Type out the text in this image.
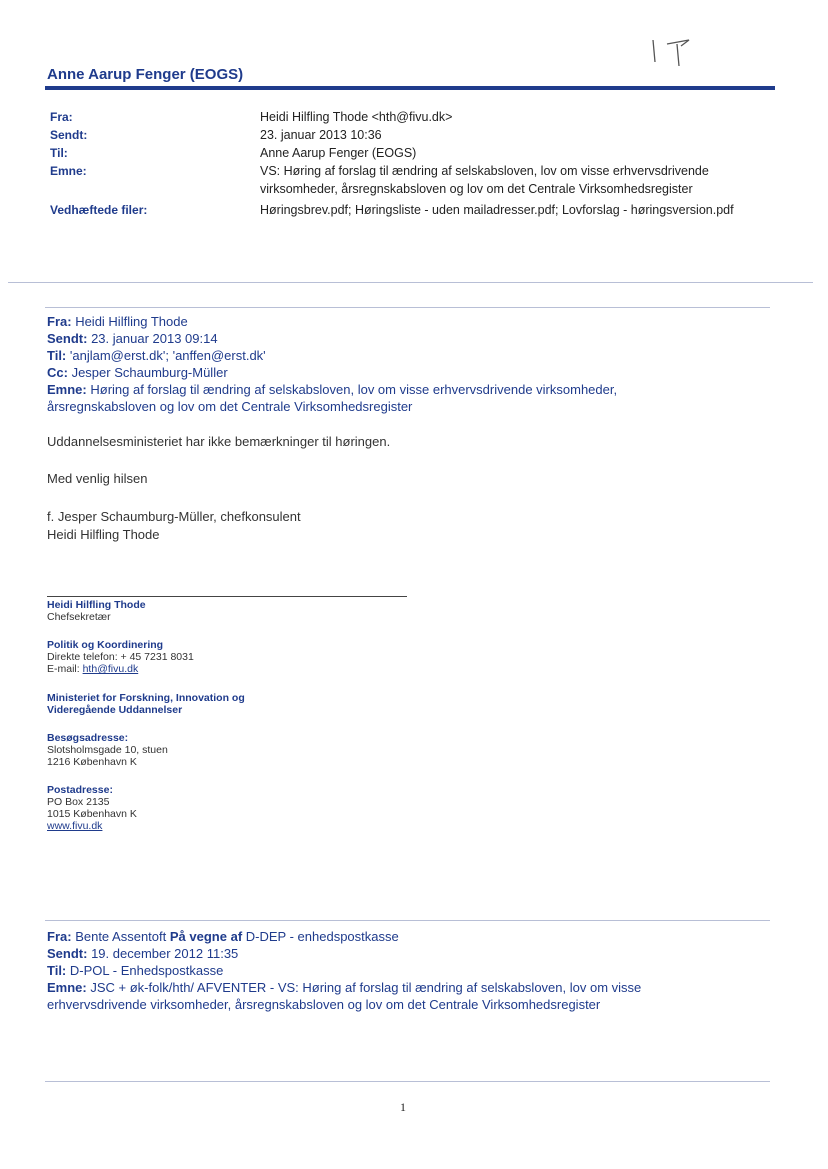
Anne Aarup Fenger (EOGS)
Fra:	Heidi Hilfling Thode <hth@fivu.dk>
Sendt:	23. januar 2013 10:36
Til:	Anne Aarup Fenger (EOGS)
Emne:	VS: Høring af forslag til ændring af selskabsloven, lov om visse erhvervsdrivende virksomheder, årsregnskabsloven og lov om det Centrale Virksomhedsregister
Vedhæftede filer:	Høringsbrev.pdf; Høringsliste - uden mailadresser.pdf; Lovforslag - høringsversion.pdf
Fra: Heidi Hilfling Thode
Sendt: 23. januar 2013 09:14
Til: 'anjlam@erst.dk'; 'anffen@erst.dk'
Cc: Jesper Schaumburg-Müller
Emne: Høring af forslag til ændring af selskabsloven, lov om visse erhvervsdrivende virksomheder, årsregnskabsloven og lov om det Centrale Virksomhedsregister
Uddannelsesministeriet har ikke bemærkninger til høringen.
Med venlig hilsen
f. Jesper Schaumburg-Müller, chefkonsulent
Heidi Hilfling Thode
Heidi Hilfling Thode
Chefsekretær
Politik og Koordinering
Direkte telefon: + 45 7231 8031
E-mail: hth@fivu.dk
Ministeriet for Forskning, Innovation og
Videregående Uddannelser
Besøgsadresse:
Slotsholmsgade 10, stuen
1216 København K
Postadresse:
PO Box 2135
1015 København K
www.fivu.dk
Fra: Bente Assentoft På vegne af D-DEP - enhedspostkasse
Sendt: 19. december 2012 11:35
Til: D-POL - Enhedspostkasse
Emne: JSC + øk-folk/hth/ AFVENTER - VS: Høring af forslag til ændring af selskabsloven, lov om visse erhvervsdrivende virksomheder, årsregnskabsloven og lov om det Centrale Virksomhedsregister
1
